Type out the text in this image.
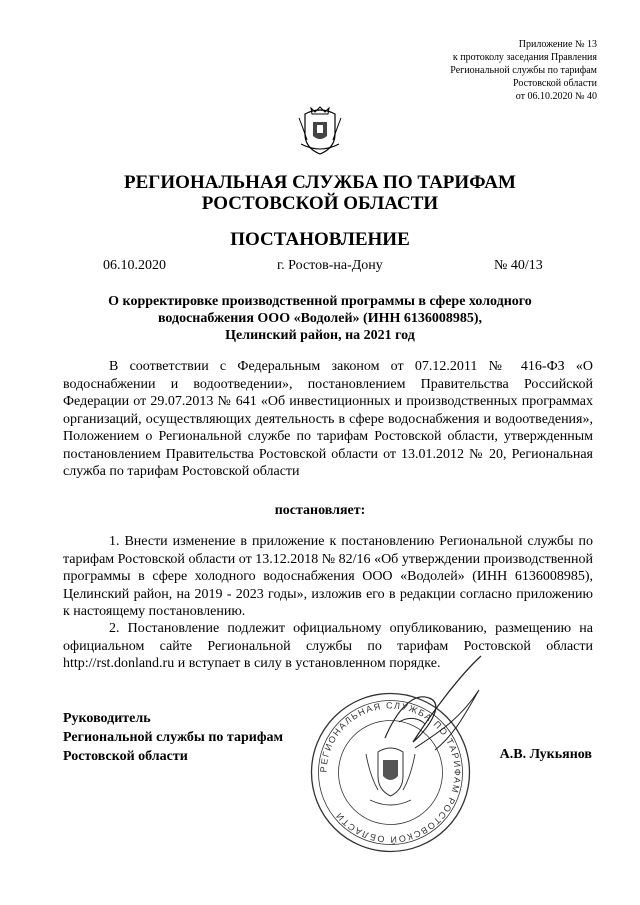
Приложение № 13
к протоколу заседания Правления
Региональной службы по тарифам
Ростовской области
от 06.10.2020 № 40
РЕГИОНАЛЬНАЯ СЛУЖБА ПО ТАРИФАМ
РОСТОВСКОЙ ОБЛАСТИ
ПОСТАНОВЛЕНИЕ
06.10.2020	г. Ростов-на-Дону	№ 40/13
О корректировке производственной программы в сфере холодного
водоснабжения ООО «Водолей» (ИНН 6136008985),
Целинский район, на 2021 год

В соответствии с Федеральным законом от 07.12.2011 № 416-ФЗ «О водоснабжении и водоотведении», постановлением Правительства Российской Федерации от 29.07.2013 № 641 «Об инвестиционных и производственных программах организаций, осуществляющих деятельность в сфере водоснабжения и водоотведения», Положением о Региональной службе по тарифам Ростовской области, утвержденным постановлением Правительства Ростовской области от 13.01.2012 № 20, Региональная служба по тарифам Ростовской области

постановляет:

1. Внести изменение в приложение к постановлению Региональной службы по тарифам Ростовской области от 13.12.2018 № 82/16 «Об утверждении производственной программы в сфере холодного водоснабжения ООО «Водолей» (ИНН 6136008985), Целинский район, на 2019 - 2023 годы», изложив его в редакции согласно приложению к настоящему постановлению.

2. Постановление подлежит официальному опубликованию, размещению на официальном сайте Региональной службы по тарифам Ростовской области http://rst.donland.ru и вступает в силу в установленном порядке.

Руководитель
Региональной службы по тарифам
Ростовской области	А.В. Лукьянов
РЕГИОНАЛЬНАЯ СЛУЖБА ПО ТАРИФАМ РОСТОВСКОЙ ОБЛАСТИ
